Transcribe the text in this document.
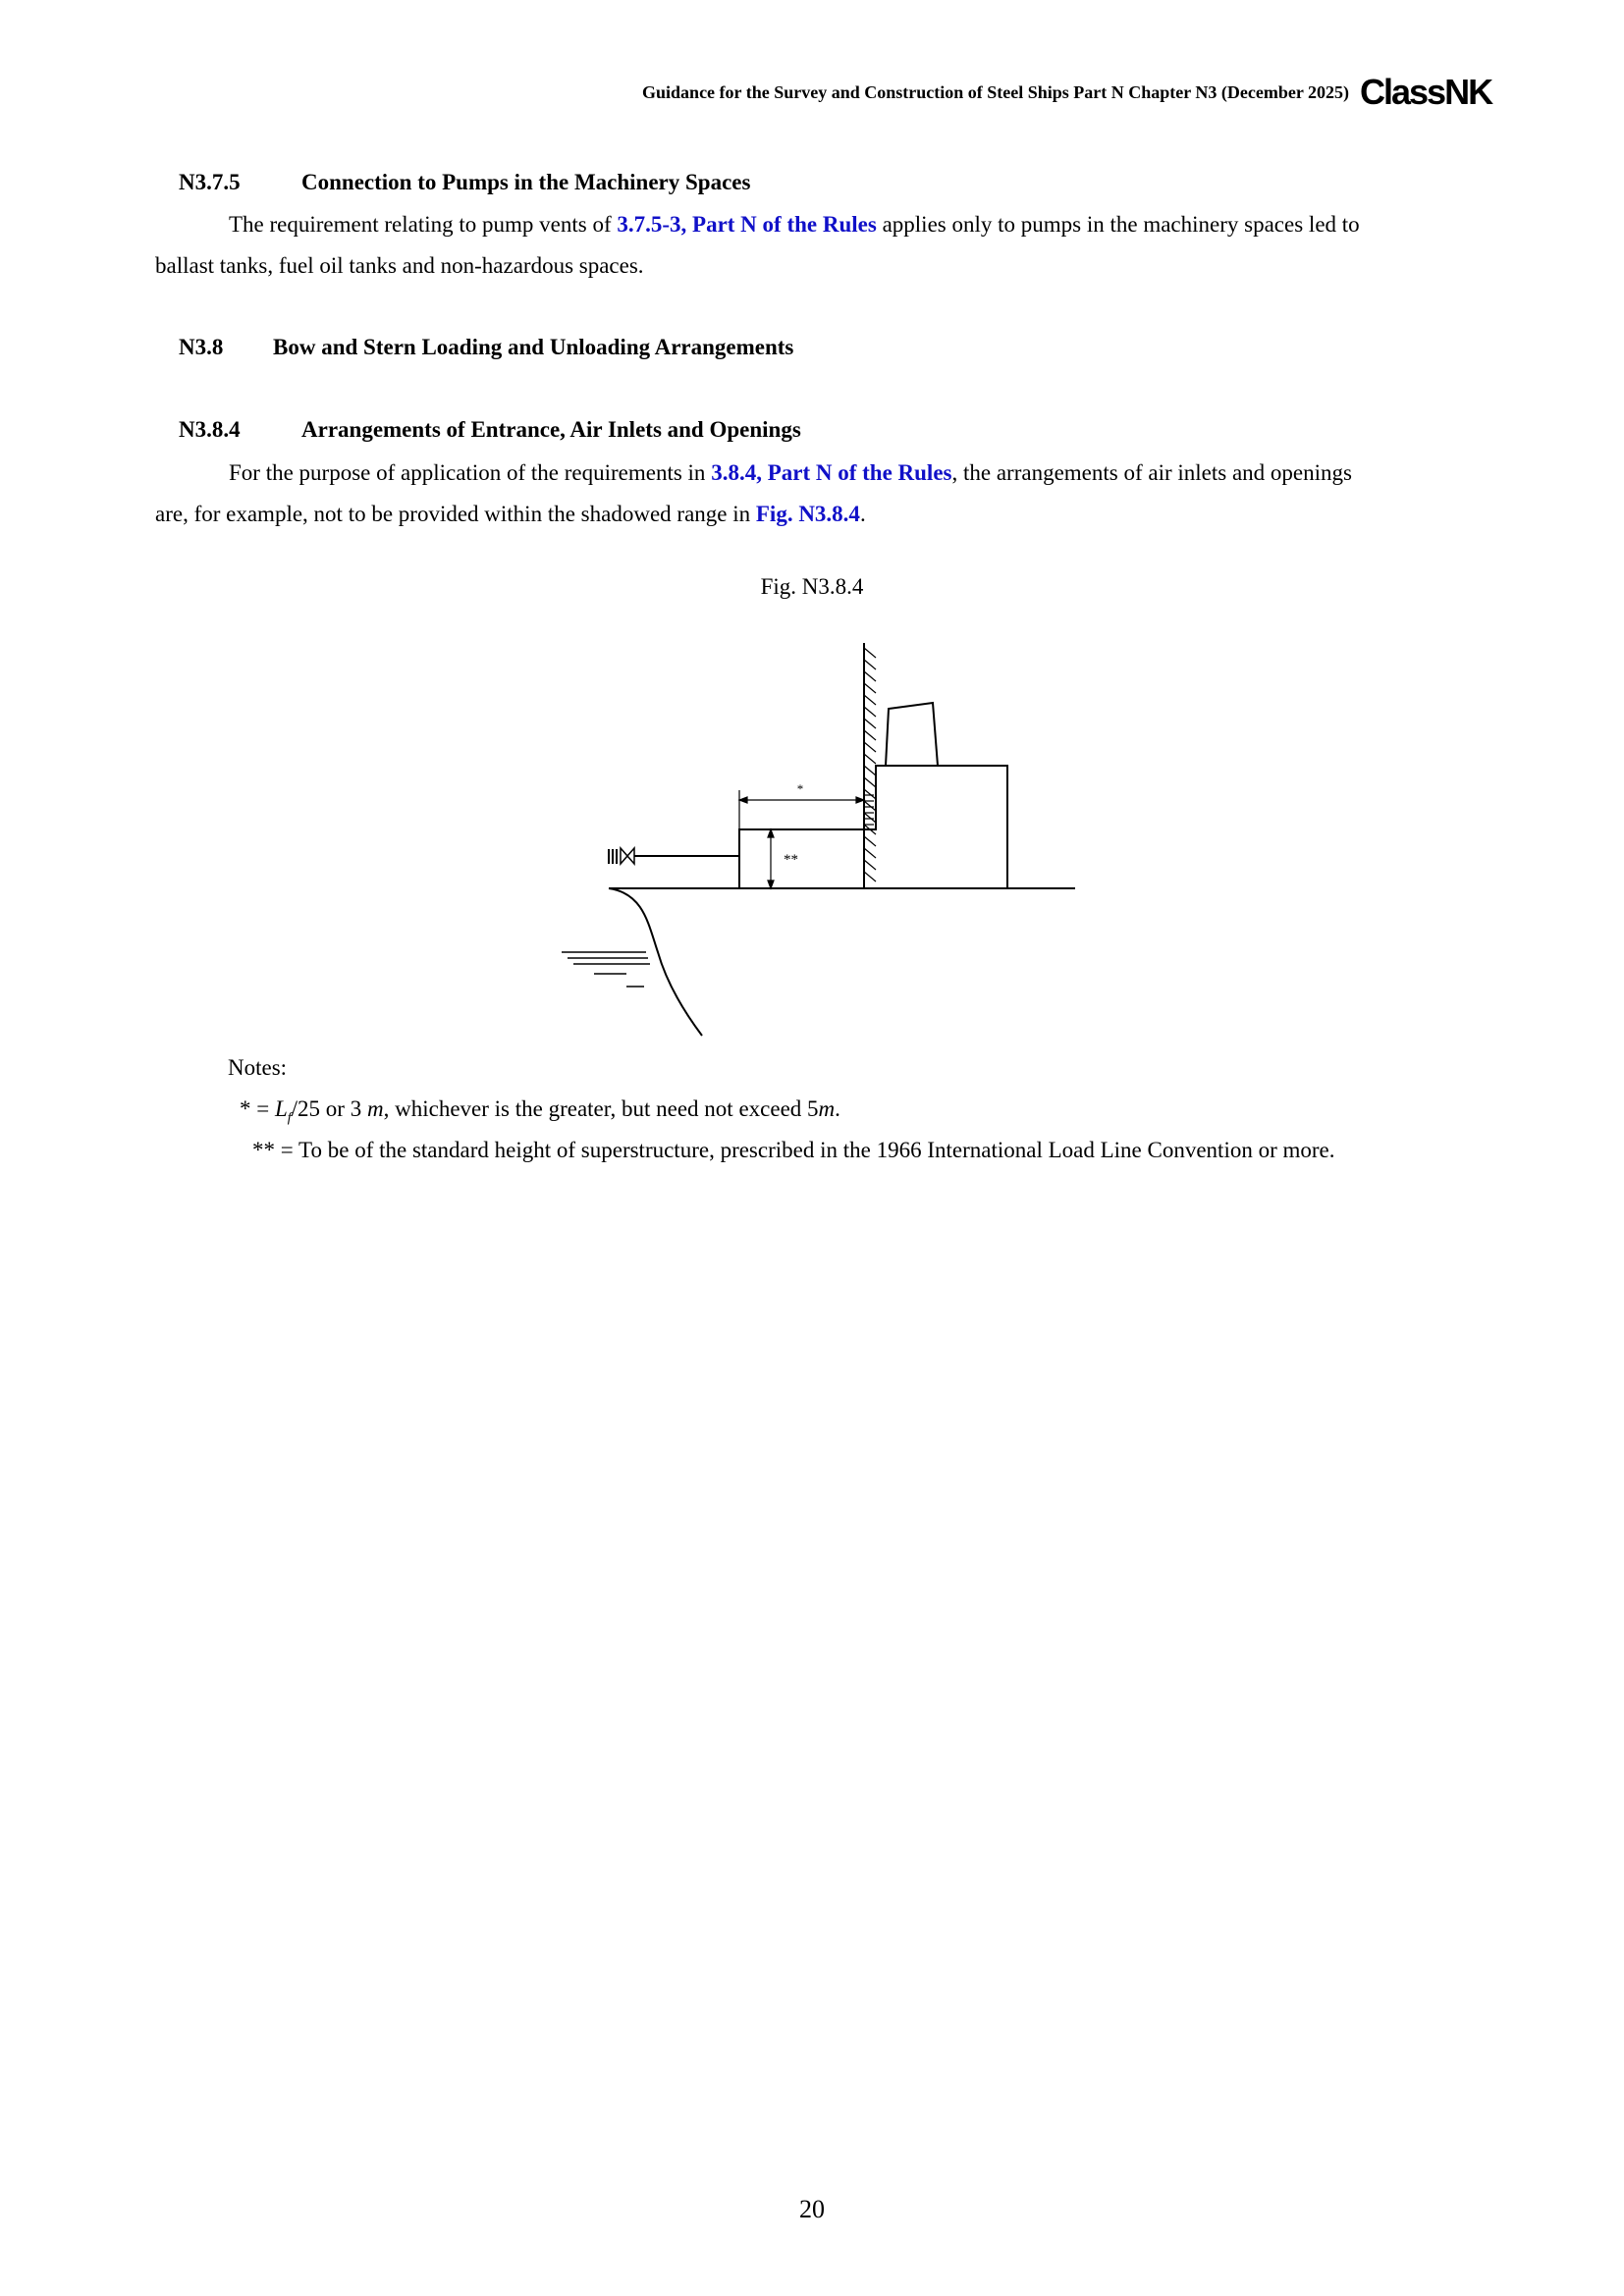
Guidance for the Survey and Construction of Steel Ships Part N Chapter N3 (December 2025) ClassNK
N3.7.5	Connection to Pumps in the Machinery Spaces
The requirement relating to pump vents of 3.7.5-3, Part N of the Rules applies only to pumps in the machinery spaces led to
ballast tanks, fuel oil tanks and non-hazardous spaces.
N3.8 Bow and Stern Loading and Unloading Arrangements
N3.8.4	Arrangements of Entrance, Air Inlets and Openings
For the purpose of application of the requirements in 3.8.4, Part N of the Rules, the arrangements of air inlets and openings
are, for example, not to be provided within the shadowed range in Fig. N3.8.4.
Fig. N3.8.4
*
**
Notes:
* = $L_f/25$ or 3 m, whichever is the greater, but need not exceed 5m.
** = To be of the standard height of superstructure, prescribed in the 1966 International Load Line Convention or more.
20
